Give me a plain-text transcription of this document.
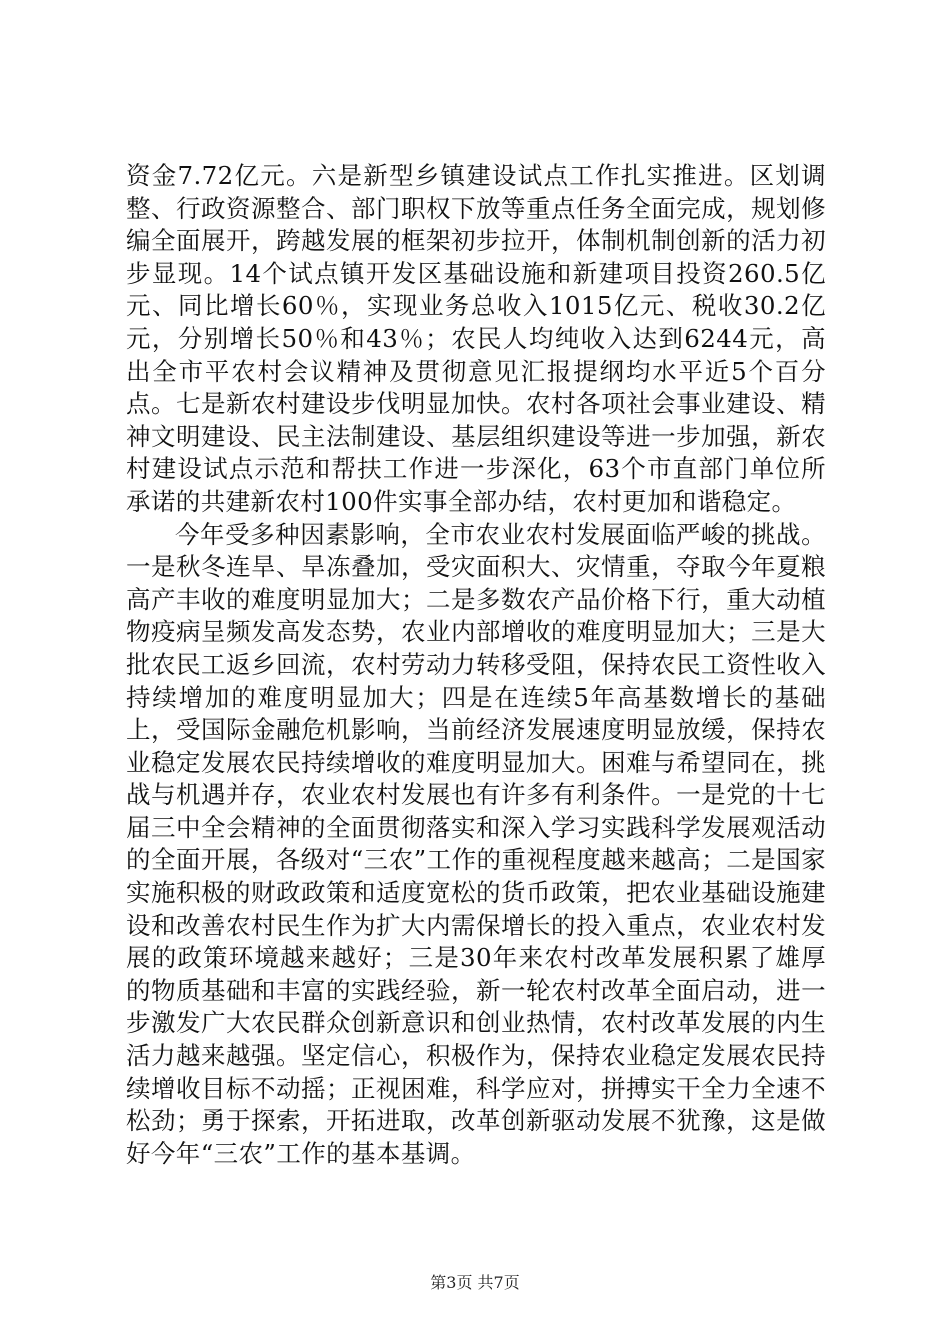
资金7.72亿元。六是新型乡镇建设试点工作扎实推进。区划调整、行政资源整合、部门职权下放等重点任务全面完成，规划修编全面展开，跨越发展的框架初步拉开，体制机制创新的活力初步显现。14个试点镇开发区基础设施和新建项目投资260.5亿元、同比增长60％，实现业务总收入1015亿元、税收30.2亿元，分别增长50％和43％；农民人均纯收入达到6244元，高出全市平农村会议精神及贯彻意见汇报提纲均水平近5个百分点。七是新农村建设步伐明显加快。农村各项社会事业建设、精神文明建设、民主法制建设、基层组织建设等进一步加强，新农村建设试点示范和帮扶工作进一步深化，63个市直部门单位所承诺的共建新农村100件实事全部办结，农村更加和谐稳定。

今年受多种因素影响，全市农业农村发展面临严峻的挑战。一是秋冬连旱、旱冻叠加，受灾面积大、灾情重，夺取今年夏粮高产丰收的难度明显加大；二是多数农产品价格下行，重大动植物疫病呈频发高发态势，农业内部增收的难度明显加大；三是大批农民工返乡回流，农村劳动力转移受阻，保持农民工资性收入持续增加的难度明显加大；四是在连续5年高基数增长的基础上，受国际金融危机影响，当前经济发展速度明显放缓，保持农业稳定发展农民持续增收的难度明显加大。困难与希望同在，挑战与机遇并存，农业农村发展也有许多有利条件。一是党的十七届三中全会精神的全面贯彻落实和深入学习实践科学发展观活动的全面开展，各级对“三农”工作的重视程度越来越高；二是国家实施积极的财政政策和适度宽松的货币政策，把农业基础设施建设和改善农村民生作为扩大内需保增长的投入重点，农业农村发展的政策环境越来越好；三是30年来农村改革发展积累了雄厚的物质基础和丰富的实践经验，新一轮农村改革全面启动，进一步激发广大农民群众创新意识和创业热情，农村改革发展的内生活力越来越强。坚定信心，积极作为，保持农业稳定发展农民持续增收目标不动摇；正视困难，科学应对，拼搏实干全力全速不松劲；勇于探索，开拓进取，改革创新驱动发展不犹豫，这是做好今年“三农”工作的基本基调。

第3页 共7页
